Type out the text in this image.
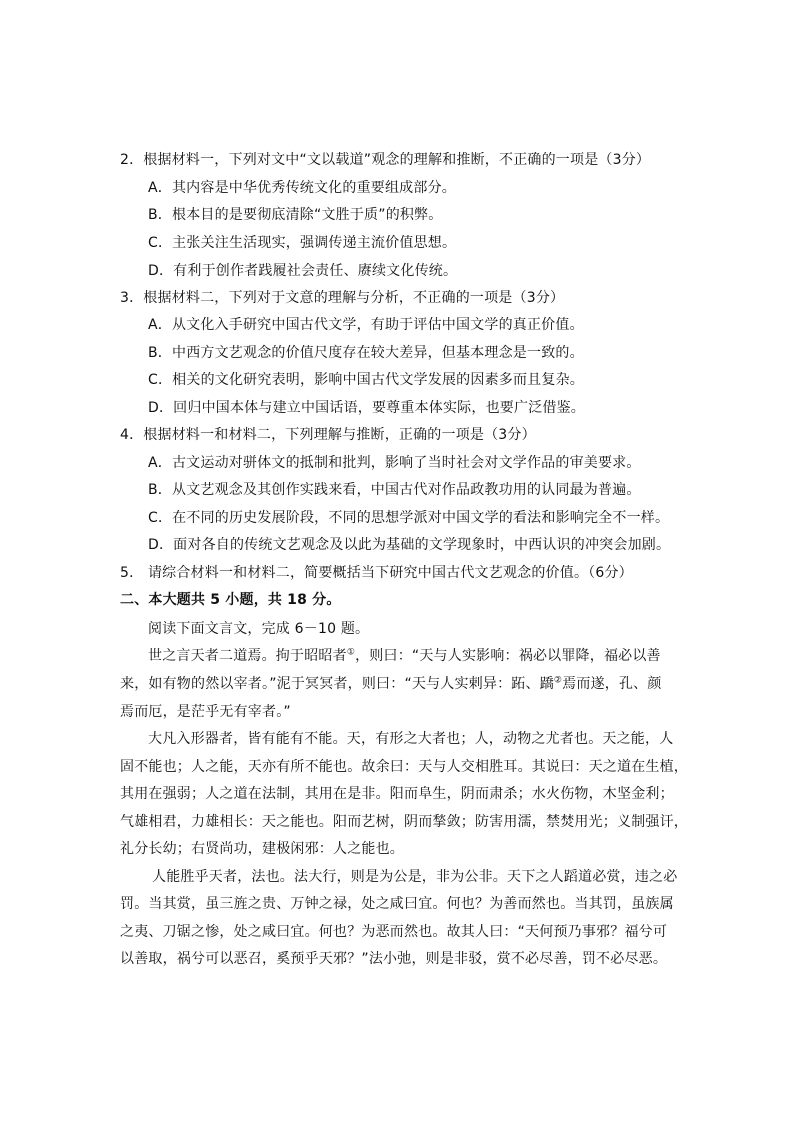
2．根据材料一，下列对文中“文以载道”观念的理解和推断，不正确的一项是（3分）
A．其内容是中华优秀传统文化的重要组成部分。
B．根本目的是要彻底清除“文胜于质”的积弊。
C．主张关注生活现实，强调传递主流价值思想。
D．有利于创作者践履社会责任、赓续文化传统。
3．根据材料二，下列对于文意的理解与分析，不正确的一项是（3分）
A．从文化入手研究中国古代文学，有助于评估中国文学的真正价值。
B．中西方文艺观念的价值尺度存在较大差异，但基本理念是一致的。
C．相关的文化研究表明，影响中国古代文学发展的因素多而且复杂。
D．回归中国本体与建立中国话语，要尊重本体实际，也要广泛借鉴。
4．根据材料一和材料二，下列理解与推断，正确的一项是（3分）
A．古文运动对骈体文的抵制和批判，影响了当时社会对文学作品的审美要求。
B．从文艺观念及其创作实践来看，中国古代对作品政教功用的认同最为普遍。
C．在不同的历史发展阶段，不同的思想学派对中国文学的看法和影响完全不一样。
D．面对各自的传统文艺观念及以此为基础的文学现象时，中西认识的冲突会加剧。
5． 请综合材料一和材料二，简要概括当下研究中国古代文艺观念的价值。（6分）
二、本大题共 5 小题，共 18 分。
阅读下面文言文，完成 6－10 题。
世之言天者二道焉。拘于昭昭者①，则曰：“天与人实影响：祸必以罪降，福必以善
来，如有物的然以宰者。”泥于冥冥者，则曰：“天与人实剌异：跖、蹻②焉而遂，孔、颜
焉而厄，是茫乎无有宰者。”
大凡入形器者，皆有能有不能。天，有形之大者也；人，动物之尤者也。天之能，人
固不能也；人之能，天亦有所不能也。故余曰：天与人交相胜耳。其说曰：天之道在生植，
其用在强弱；人之道在法制，其用在是非。阳而阜生，阴而肃杀；水火伤物，木坚金利；
气雄相君，力雄相长：天之能也。阳而艺树，阴而揫敛；防害用濡，禁焚用光；义制强讦，
礼分长幼；右贤尚功，建极闲邪：人之能也。
人能胜乎天者，法也。法大行，则是为公是，非为公非。天下之人蹈道必赏，违之必
罚。当其赏，虽三旌之贵、万钟之禄，处之咸曰宜。何也？为善而然也。当其罚，虽族属
之夷、刀锯之惨，处之咸曰宜。何也？为恶而然也。故其人曰：“天何预乃事邪？福兮可
以善取，祸兮可以恶召，奚预乎天邪？”法小弛，则是非驳，赏不必尽善，罚不必尽恶。
